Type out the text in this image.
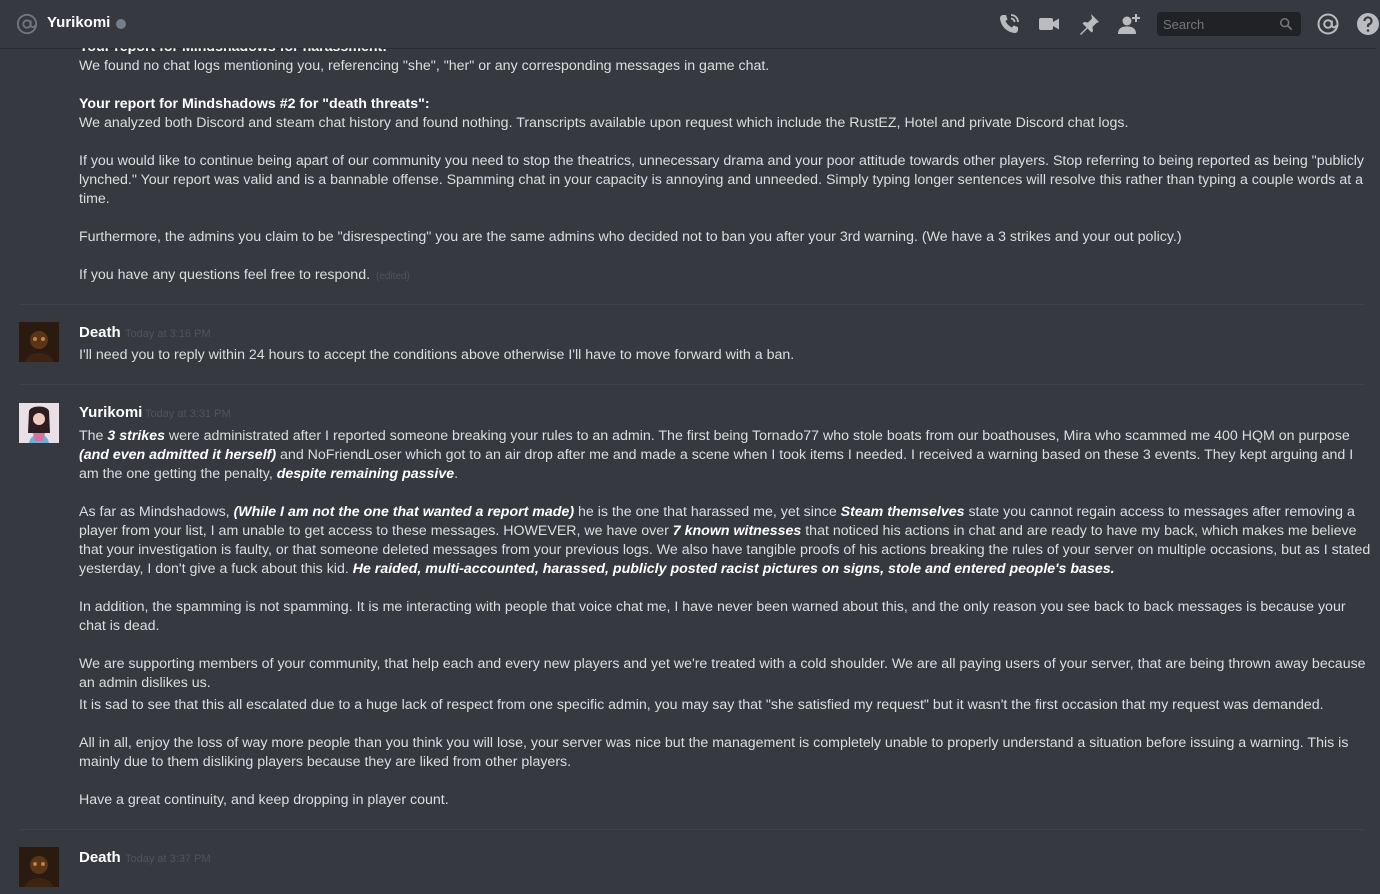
Yurikomi	Search
We found no chat logs mentioning you, referencing "she", "her" or any corresponding messages in game chat.
Your report for Mindshadows #2 for "death threats":
We analyzed both Discord and steam chat history and found nothing. Transcripts available upon request which include the RustEZ, Hotel and private Discord chat logs.
If you would like to continue being apart of our community you need to stop the theatrics, unnecessary drama and your poor attitude towards other players. Stop referring to being reported as being "publicly lynched." Your report was valid and is a bannable offense. Spamming chat in your capacity is annoying and unneeded. Simply typing longer sentences will resolve this rather than typing a couple words at a time.
Furthermore, the admins you claim to be "disrespecting" you are the same admins who decided not to ban you after your 3rd warning. (We have a 3 strikes and your out policy.)
If you have any questions feel free to respond. (edited)
Death Today at 3:16 PM
I'll need you to reply within 24 hours to accept the conditions above otherwise I'll have to move forward with a ban.
Yurikomi Today at 3:31 PM
The 3 strikes were administrated after I reported someone breaking your rules to an admin. The first being Tornado77 who stole boats from our boathouses, Mira who scammed me 400 HQM on purpose (and even admitted it herself) and NoFriendLoser which got to an air drop after me and made a scene when I took items I needed. I received a warning based on these 3 events. They kept arguing and I am the one getting the penalty, despite remaining passive.
As far as Mindshadows, (While I am not the one that wanted a report made) he is the one that harassed me, yet since Steam themselves state you cannot regain access to messages after removing a player from your list, I am unable to get access to these messages. HOWEVER, we have over 7 known witnesses that noticed his actions in chat and are ready to have my back, which makes me believe that your investigation is faulty, or that someone deleted messages from your previous logs. We also have tangible proofs of his actions breaking the rules of your server on multiple occasions, but as I stated yesterday, I don't give a fuck about this kid. He raided, multi-accounted, harassed, publicly posted racist pictures on signs, stole and entered people's bases.
In addition, the spamming is not spamming. It is me interacting with people that voice chat me, I have never been warned about this, and the only reason you see back to back messages is because your chat is dead.
We are supporting members of your community, that help each and every new players and yet we're treated with a cold shoulder. We are all paying users of your server, that are being thrown away because an admin dislikes us.
It is sad to see that this all escalated due to a huge lack of respect from one specific admin, you may say that "she satisfied my request" but it wasn't the first occasion that my request was demanded.
All in all, enjoy the loss of way more people than you think you will lose, your server was nice but the management is completely unable to properly understand a situation before issuing a warning. This is mainly due to them disliking players because they are liked from other players.
Have a great continuity, and keep dropping in player count.
Death Today at 3:37 PM
